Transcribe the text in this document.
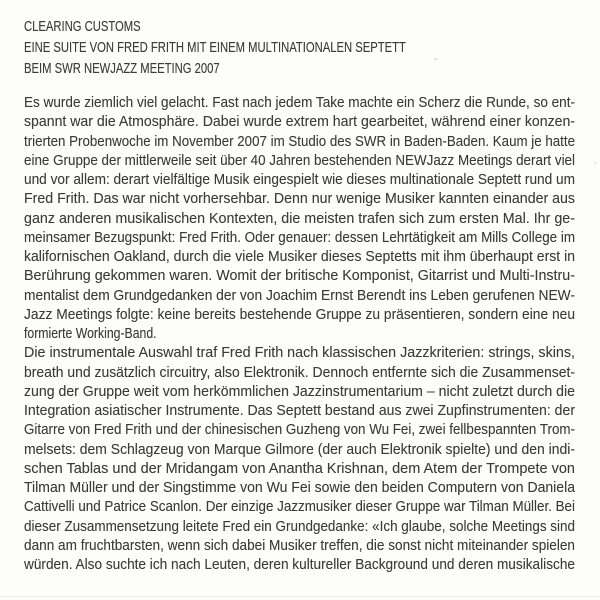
CLEARING CUSTOMS
EINE SUITE VON FRED FRITH MIT EINEM MULTINATIONALEN SEPTETT
BEIM SWR NEWJAZZ MEETING 2007
Es wurde ziemlich viel gelacht. Fast nach jedem Take machte ein Scherz die Runde, so ent-
spannt war die Atmosphäre. Dabei wurde extrem hart gearbeitet, während einer konzen-
trierten Probenwoche im November 2007 im Studio des SWR in Baden-Baden. Kaum je hatte
eine Gruppe der mittlerweile seit über 40 Jahren bestehenden NEWJazz Meetings derart viel
und vor allem: derart vielfältige Musik eingespielt wie dieses multinationale Septett rund um
Fred Frith. Das war nicht vorhersehbar. Denn nur wenige Musiker kannten einander aus
ganz anderen musikalischen Kontexten, die meisten trafen sich zum ersten Mal. Ihr ge-
meinsamer Bezugspunkt: Fred Frith. Oder genauer: dessen Lehrtätigkeit am Mills College im
kalifornischen Oakland, durch die viele Musiker dieses Septetts mit ihm überhaupt erst in
Berührung gekommen waren. Womit der britische Komponist, Gitarrist und Multi-Instru-
mentalist dem Grundgedanken der von Joachim Ernst Berendt ins Leben gerufenen NEW-
Jazz Meetings folgte: keine bereits bestehende Gruppe zu präsentieren, sondern eine neu
formierte Working-Band.
Die instrumentale Auswahl traf Fred Frith nach klassischen Jazzkriterien: strings, skins,
breath und zusätzlich circuitry, also Elektronik. Dennoch entfernte sich die Zusammenset-
zung der Gruppe weit vom herkömmlichen Jazzinstrumentarium – nicht zuletzt durch die
Integration asiatischer Instrumente. Das Septett bestand aus zwei Zupfinstrumenten: der
Gitarre von Fred Frith und der chinesischen Guzheng von Wu Fei, zwei fellbespannten Trom-
melsets: dem Schlagzeug von Marque Gilmore (der auch Elektronik spielte) und den indi-
schen Tablas und der Mridangam von Anantha Krishnan, dem Atem der Trompete von
Tilman Müller und der Singstimme von Wu Fei sowie den beiden Computern von Daniela
Cattivelli und Patrice Scanlon. Der einzige Jazzmusiker dieser Gruppe war Tilman Müller. Bei
dieser Zusammensetzung leitete Fred ein Grundgedanke: «Ich glaube, solche Meetings sind
dann am fruchtbarsten, wenn sich dabei Musiker treffen, die sonst nicht miteinander spielen
würden. Also suchte ich nach Leuten, deren kultureller Background und deren musikalische
